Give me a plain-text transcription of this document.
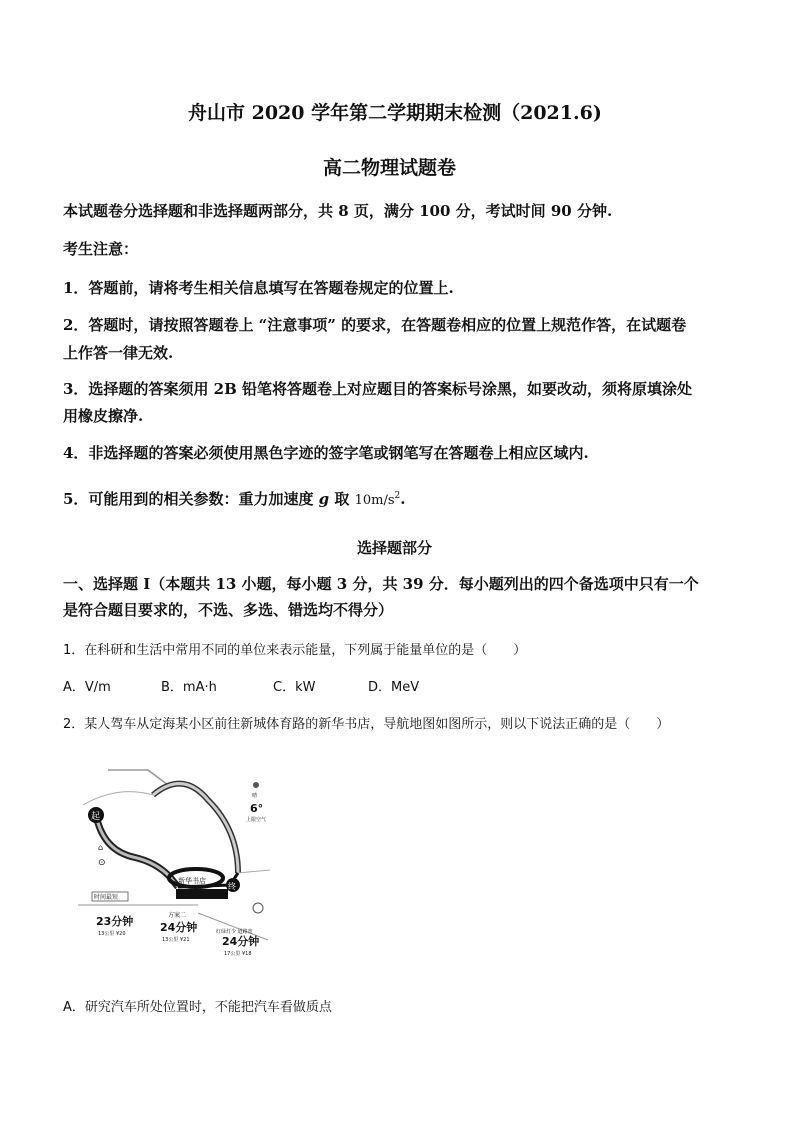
舟山市 2020 学年第二学期期末检测（2021.6)
高二物理试题卷
本试题卷分选择题和非选择题两部分，共 8 页，满分 100 分，考试时间 90 分钟.
考生注意：
1．答题前，请将考生相关信息填写在答题卷规定的位置上.
2．答题时，请按照答题卷上 “注意事项” 的要求，在答题卷相应的位置上规范作答，在试题卷
上作答一律无效.
3．选择题的答案须用 2B 铅笔将答题卷上对应题目的答案标号涂黑，如要改动，须将原填涂处
用橡皮擦净.
4．非选择题的答案必须使用黑色字迹的签字笔或钢笔写在答题卷上相应区域内.
5．可能用到的相关参数：重力加速度 g 取 $10m/s^2$.
选择题部分
一、选择题 I（本题共 13 小题，每小题 3 分，共 39 分．每小题列出的四个备选项中只有一个
是符合题目要求的，不选、多选、错选均不得分）
1．在科研和生活中常用不同的单位来表示能量，下列属于能量单位的是（　　）
A．V/m	B．mA·h	C．kW	D．MeV
2．某人驾车从定海某小区前往新城体育路的新华书店，导航地图如图所示，则以下说法正确的是（　　）
起
终
新华书店
晴
6°
上限空气
⊙
⌂
时间最短
23分钟
13公里 ¥20
方案二
24分钟
13公里 ¥21
红绿灯少 道路宽
24分钟
17公里 ¥18
A．研究汽车所处位置时，不能把汽车看做质点
